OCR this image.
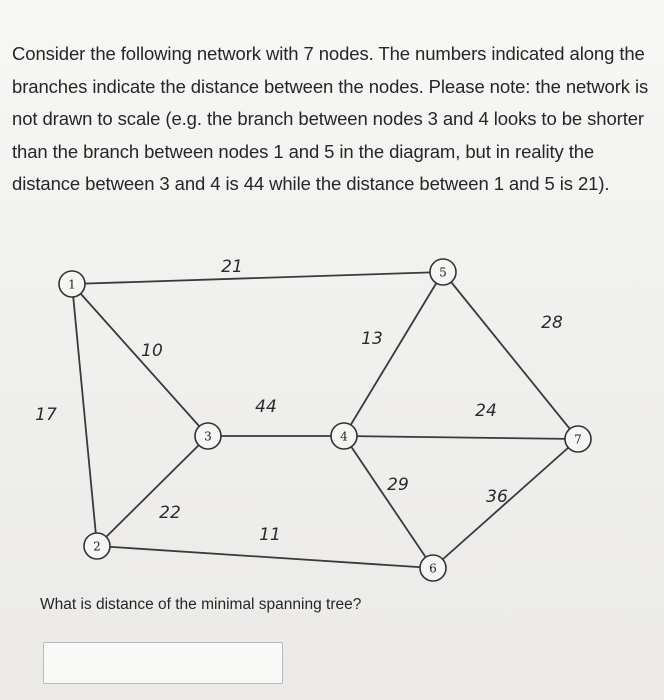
Consider the following network with 7 nodes. The numbers indicated along the branches indicate the distance between the nodes. Please note: the network is not drawn to scale (e.g. the branch between nodes 3 and 4 looks to be shorter than the branch between nodes 1 and 5 in the diagram, but in reality the distance between 3 and 4 is 44 while the distance between 1 and 5 is 21).

21
10
17
13
28
44	24
22
29
11
36
1
2
3	4
5
6
7

What is distance of the minimal spanning tree?
